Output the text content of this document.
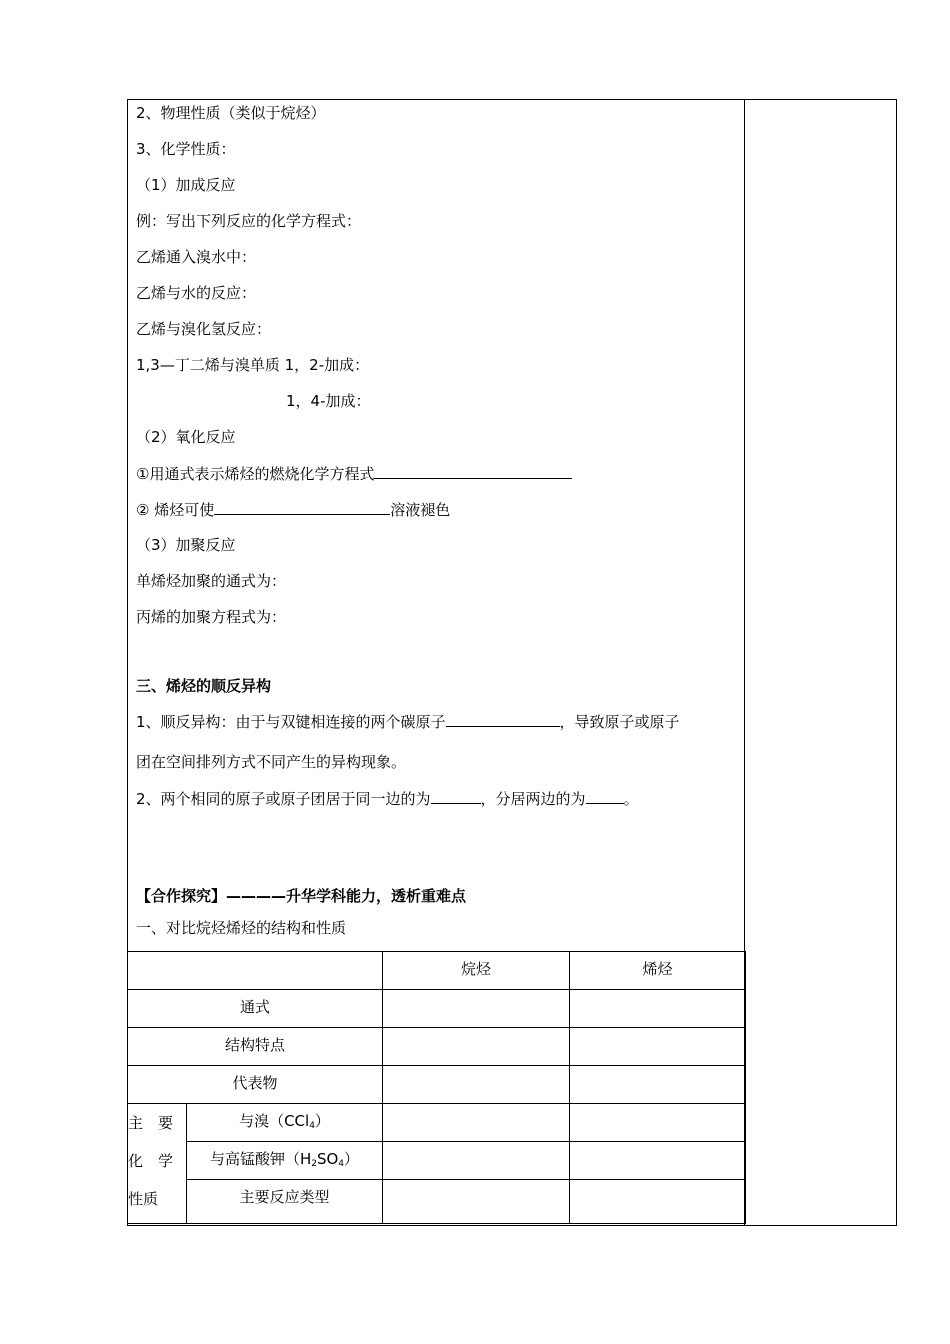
2、物理性质（类似于烷烃）
3、化学性质：
（1）加成反应
例：写出下列反应的化学方程式：
乙烯通入溴水中：
乙烯与水的反应：
乙烯与溴化氢反应：
1,3—丁二烯与溴单质 1，2-加成：
1，4-加成：
（2）氧化反应
①用通式表示烯烃的燃烧化学方程式
② 烯烃可使	溶液褪色
（3）加聚反应
单烯烃加聚的通式为：
丙烯的加聚方程式为：
三、烯烃的顺反异构
1、顺反异构：由于与双键相连接的两个碳原子	，导致原子或原子
团在空间排列方式不同产生的异构现象。
2、两个相同的原子或原子团居于同一边的为	，分居两边的为	。
【合作探究】————升华学科能力，透析重难点
一、对比烷烃烯烃的结构和性质
		烷烃	烯烃
通式			
结构特点			
代表物			

主　要
化　学
性质	与溴（CCl$_4$）		
	与高锰酸钾$(H_2SO_4)$		
	主要反应类型		
